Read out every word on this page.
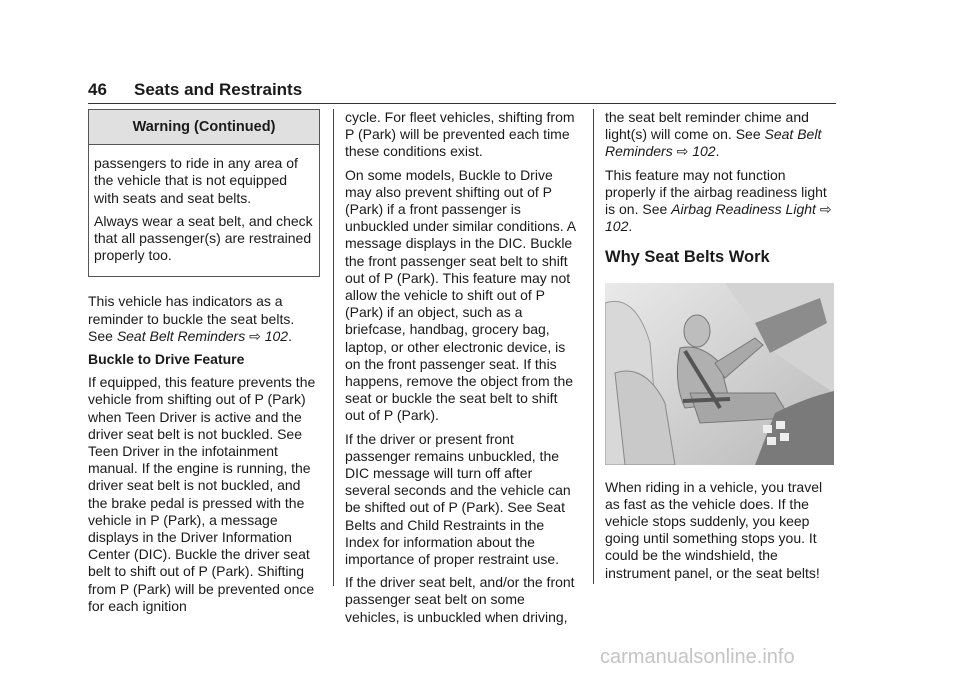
46 Seats and Restraints
Warning (Continued)

passengers to ride in any area of the vehicle that is not equipped with seats and seat belts.

Always wear a seat belt, and check that all passenger(s) are restrained properly too.

This vehicle has indicators as a reminder to buckle the seat belts. See Seat Belt Reminders ⇨ 102.

Buckle to Drive Feature

If equipped, this feature prevents the vehicle from shifting out of P (Park) when Teen Driver is active and the driver seat belt is not buckled. See Teen Driver in the infotainment manual. If the engine is running, the driver seat belt is not buckled, and the brake pedal is pressed with the vehicle in P (Park), a message displays in the Driver Information Center (DIC). Buckle the driver seat belt to shift out of P (Park). Shifting from P (Park) will be prevented once for each ignition

cycle. For fleet vehicles, shifting from P (Park) will be prevented each time these conditions exist.

On some models, Buckle to Drive may also prevent shifting out of P (Park) if a front passenger is unbuckled under similar conditions. A message displays in the DIC. Buckle the front passenger seat belt to shift out of P (Park). This feature may not allow the vehicle to shift out of P (Park) if an object, such as a briefcase, handbag, grocery bag, laptop, or other electronic device, is on the front passenger seat. If this happens, remove the object from the seat or buckle the seat belt to shift out of P (Park).

If the driver or present front passenger remains unbuckled, the DIC message will turn off after several seconds and the vehicle can be shifted out of P (Park). See Seat Belts and Child Restraints in the Index for information about the importance of proper restraint use.

If the driver seat belt, and/or the front passenger seat belt on some vehicles, is unbuckled when driving,

the seat belt reminder chime and light(s) will come on. See Seat Belt Reminders ⇨ 102.

This feature may not function properly if the airbag readiness light is on. See Airbag Readiness Light ⇨ 102.

Why Seat Belts Work

When riding in a vehicle, you travel as fast as the vehicle does. If the vehicle stops suddenly, you keep going until something stops you. It could be the windshield, the instrument panel, or the seat belts!

carmanualsonline.info
